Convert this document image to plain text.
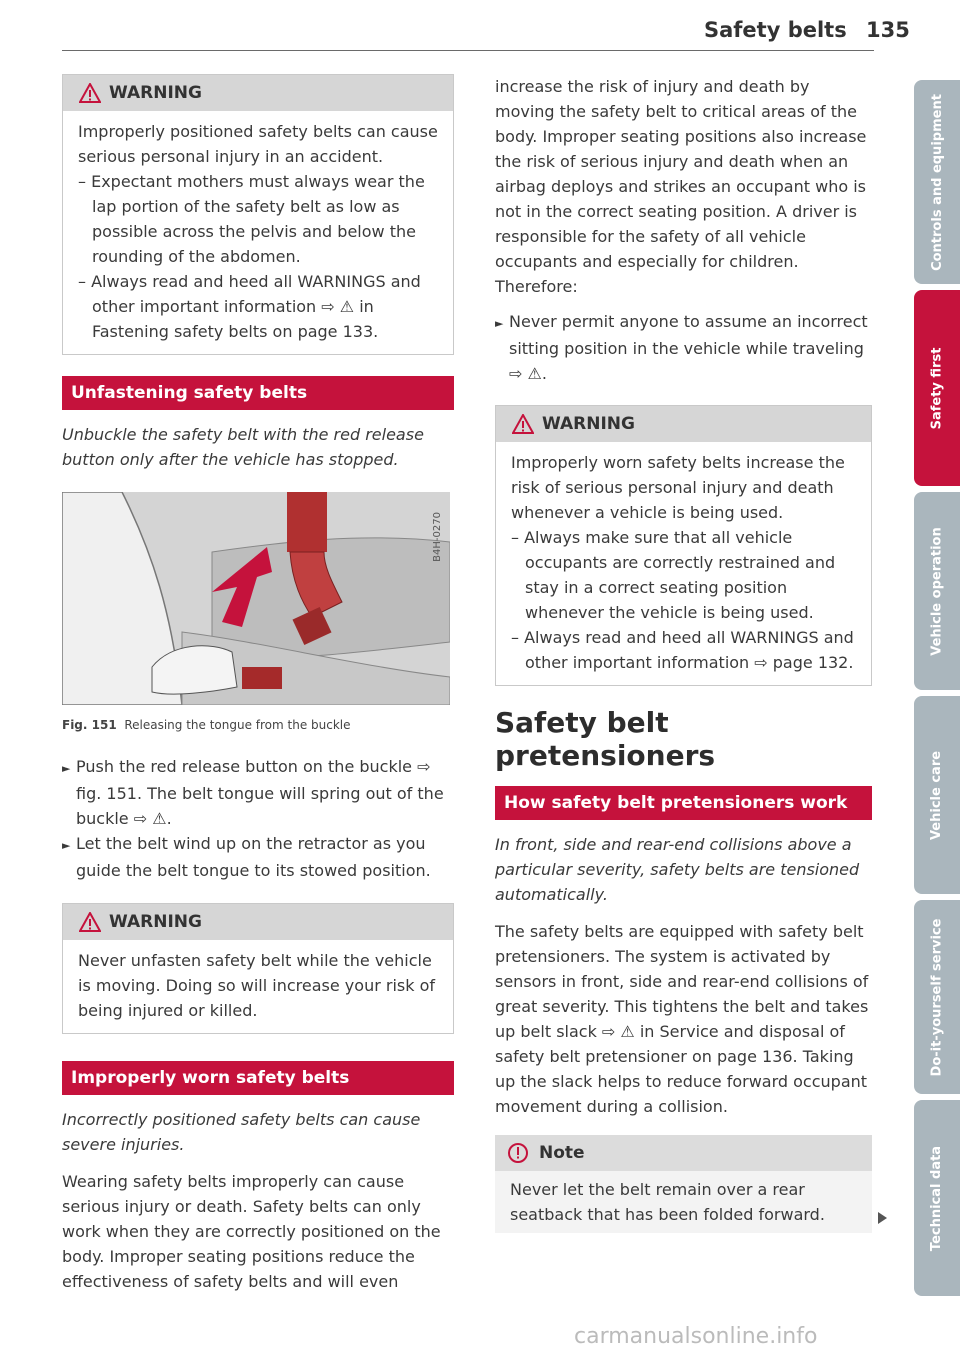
Safety belts 135
WARNING

Improperly positioned safety belts can cause serious personal injury in an accident.

– Expectant mothers must always wear the lap portion of the safety belt as low as possible across the pelvis and below the rounding of the abdomen.

– Always read and heed all WARNINGS and other important information ⇨ ⚠ in Fastening safety belts on page 133.

Unfastening safety belts

Unbuckle the safety belt with the red release button only after the vehicle has stopped.

B4H-0270
Fig. 151 Releasing the tongue from the buckle

► Push the red release button on the buckle ⇨ fig. 151. The belt tongue will spring out of the buckle ⇨ ⚠.

► Let the belt wind up on the retractor as you guide the belt tongue to its stowed position.

WARNING

Never unfasten safety belt while the vehicle is moving. Doing so will increase your risk of being injured or killed.

Improperly worn safety belts

Incorrectly positioned safety belts can cause severe injuries.

Wearing safety belts improperly can cause serious injury or death. Safety belts can only work when they are correctly positioned on the body. Improper seating positions reduce the effectiveness of safety belts and will even

increase the risk of injury and death by moving the safety belt to critical areas of the body. Improper seating positions also increase the risk of serious injury and death when an airbag deploys and strikes an occupant who is not in the correct seating position. A driver is responsible for the safety of all vehicle occupants and especially for children. Therefore:

► Never permit anyone to assume an incorrect sitting position in the vehicle while traveling ⇨ ⚠.

WARNING

Improperly worn safety belts increase the risk of serious personal injury and death whenever a vehicle is being used.

– Always make sure that all vehicle occupants are correctly restrained and stay in a correct seating position whenever the vehicle is being used.

– Always read and heed all WARNINGS and other important information ⇨ page 132.

Safety belt pretensioners
How safety belt pretensioners work

In front, side and rear-end collisions above a particular severity, safety belts are tensioned automatically.

The safety belts are equipped with safety belt pretensioners. The system is activated by sensors in front, side and rear-end collisions of great severity. This tightens the belt and takes up belt slack ⇨ ⚠ in Service and disposal of safety belt pretensioner on page 136. Taking up the slack helps to reduce forward occupant movement during a collision.

Note

Never let the belt remain over a rear seatback that has been folded forward.

Controls and equipment
Safety first
Vehicle operation
Vehicle care
Do-it-yourself service
Technical data
carmanualsonline.info
